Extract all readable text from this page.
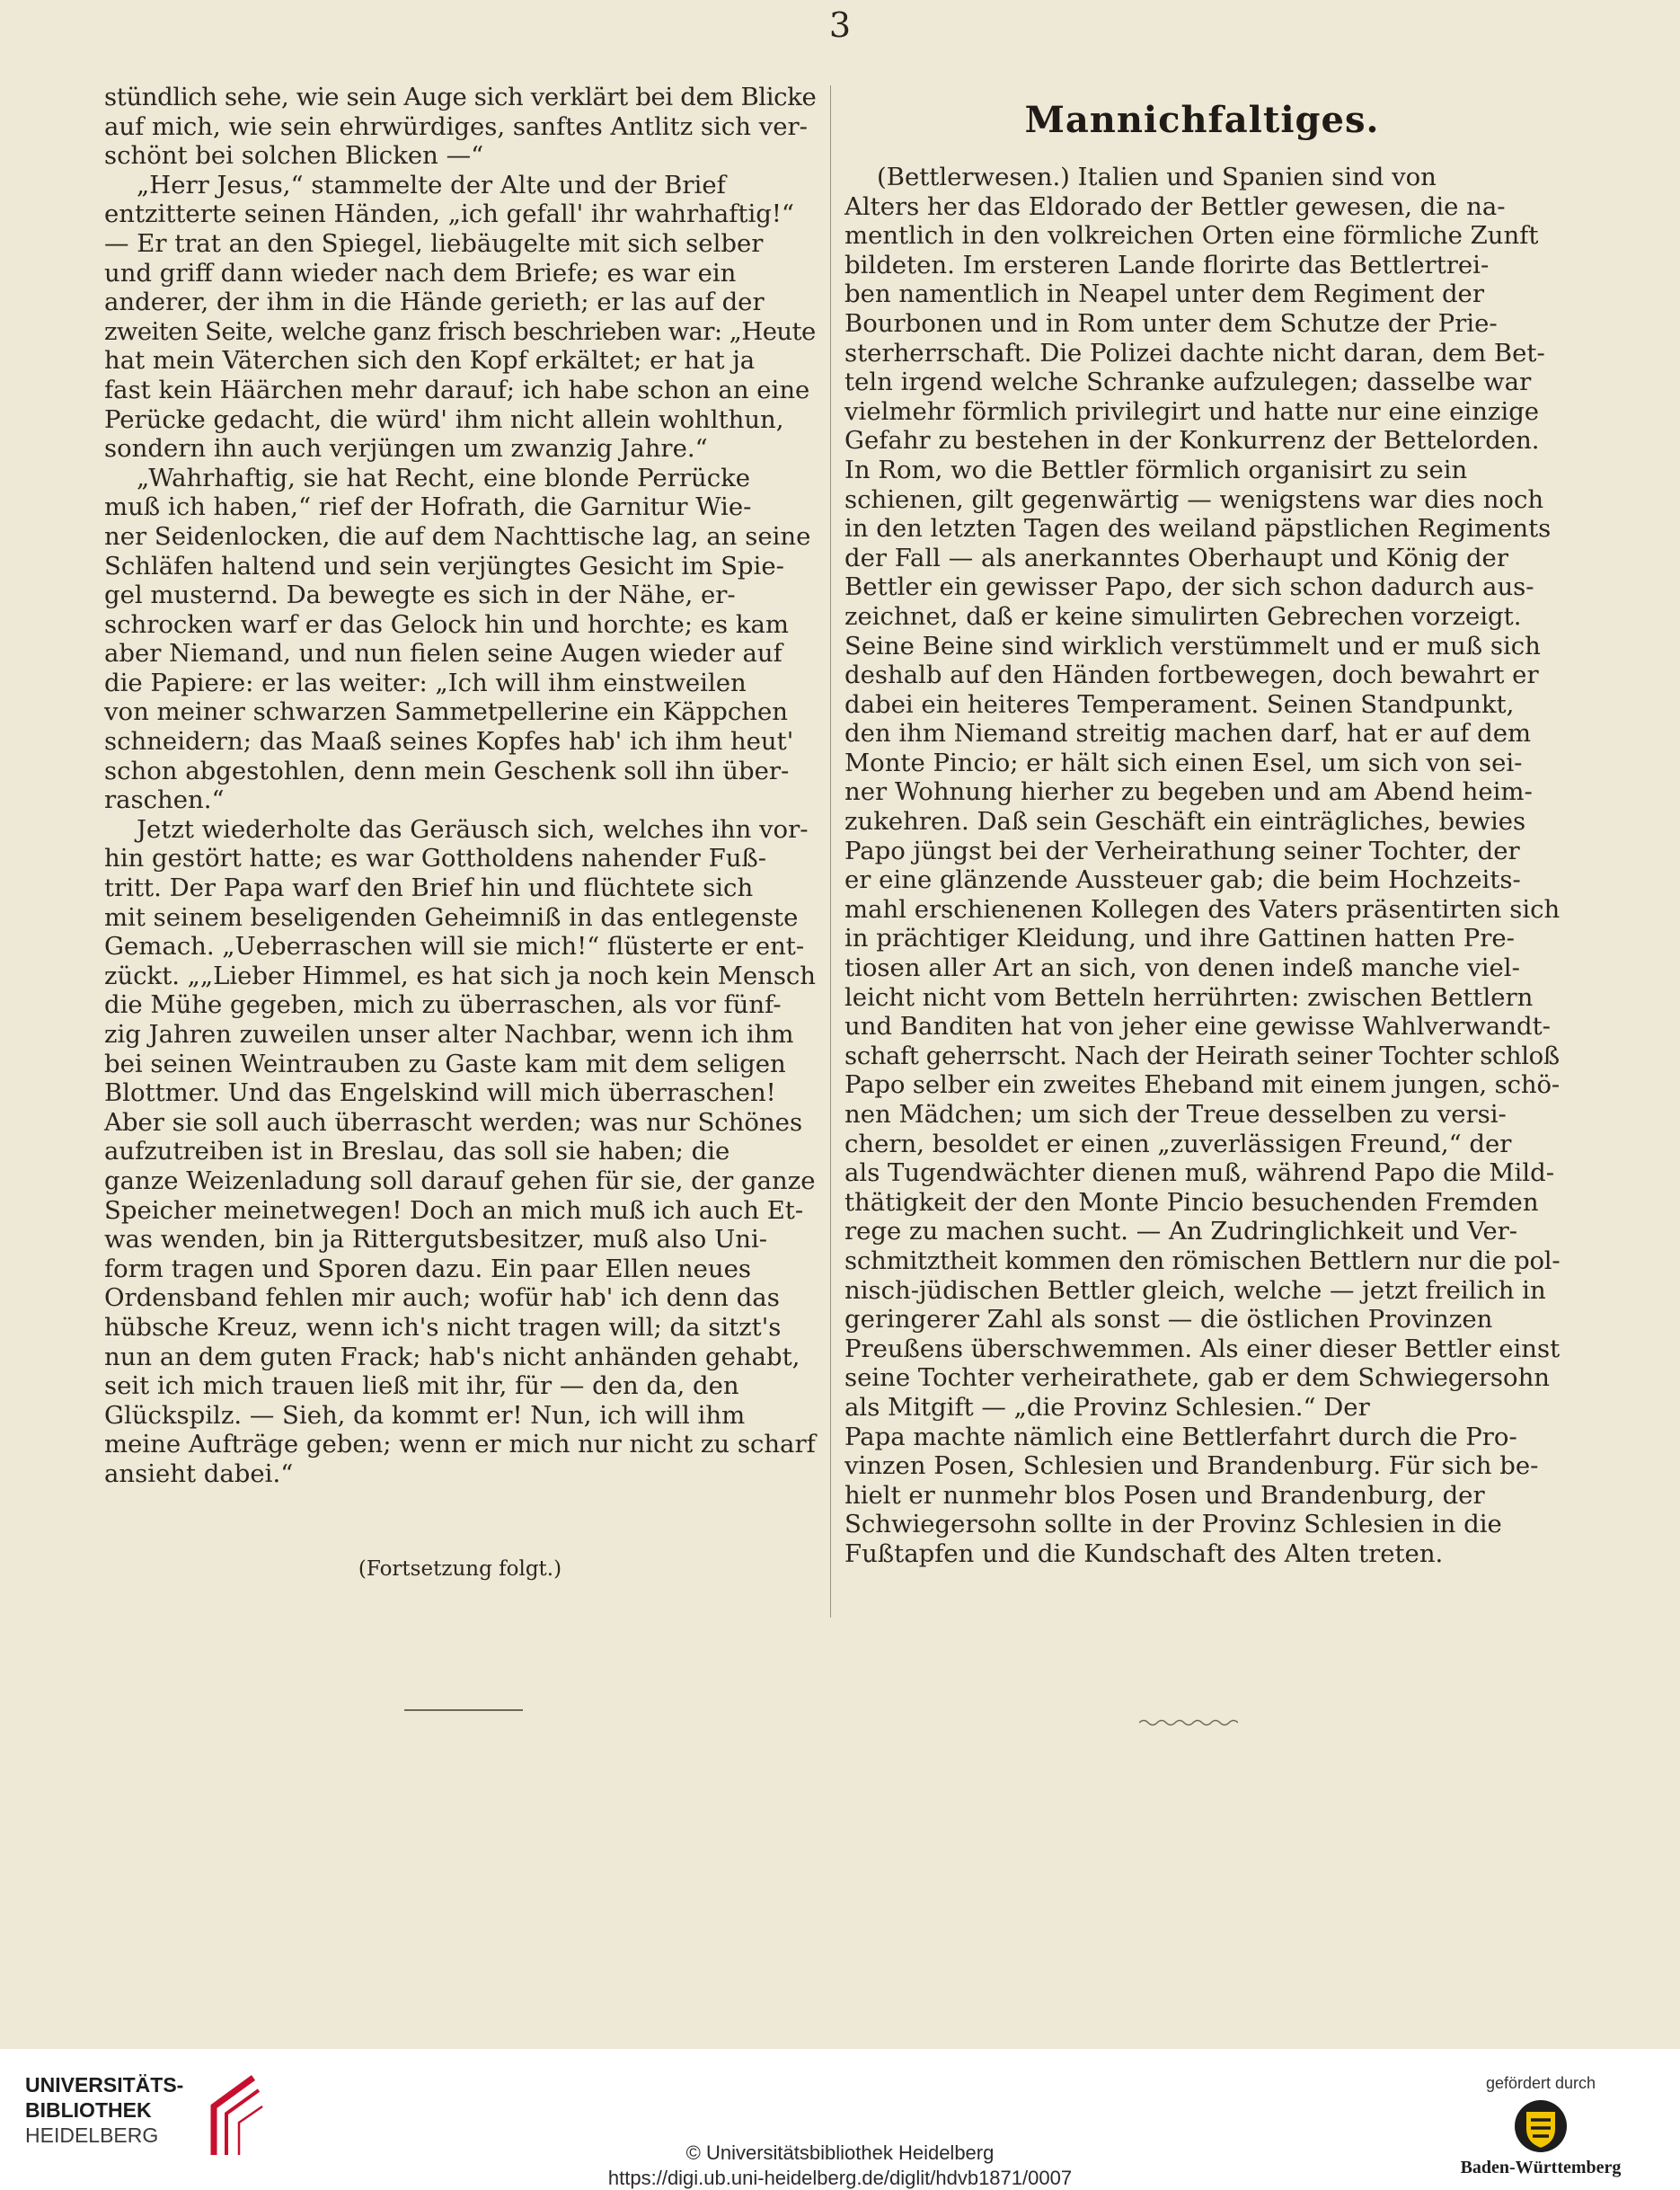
3

stündlich sehe, wie sein Auge sich verklärt bei dem Blicke

auf mich, wie sein ehrwürdiges, sanftes Antlitz sich ver-

schönt bei solchen Blicken —“

„Herr Jesus,“ stammelte der Alte und der Brief

entzitterte seinen Händen, „ich gefall' ihr wahrhaftig!“

— Er trat an den Spiegel, liebäugelte mit sich selber

und griff dann wieder nach dem Briefe; es war ein

anderer, der ihm in die Hände gerieth; er las auf der

zweiten Seite, welche ganz frisch beschrieben war: „Heute

hat mein Väterchen sich den Kopf erkältet; er hat ja

fast kein Häärchen mehr darauf; ich habe schon an eine

Perücke gedacht, die würd' ihm nicht allein wohlthun,

sondern ihn auch verjüngen um zwanzig Jahre.“

„Wahrhaftig, sie hat Recht, eine blonde Perrücke

muß ich haben,“ rief der Hofrath, die Garnitur Wie-

ner Seidenlocken, die auf dem Nachttische lag, an seine

Schläfen haltend und sein verjüngtes Gesicht im Spie-

gel musternd. Da bewegte es sich in der Nähe, er-

schrocken warf er das Gelock hin und horchte; es kam

aber Niemand, und nun fielen seine Augen wieder auf

die Papiere: er las weiter: „Ich will ihm einstweilen

von meiner schwarzen Sammetpellerine ein Käppchen

schneidern; das Maaß seines Kopfes hab' ich ihm heut'

schon abgestohlen, denn mein Geschenk soll ihn über-

raschen.“

Jetzt wiederholte das Geräusch sich, welches ihn vor-

hin gestört hatte; es war Gottholdens nahender Fuß-

tritt. Der Papa warf den Brief hin und flüchtete sich

mit seinem beseligenden Geheimniß in das entlegenste

Gemach. „Ueberraschen will sie mich!“ flüsterte er ent-

zückt. „„Lieber Himmel, es hat sich ja noch kein Mensch

die Mühe gegeben, mich zu überraschen, als vor fünf-

zig Jahren zuweilen unser alter Nachbar, wenn ich ihm

bei seinen Weintrauben zu Gaste kam mit dem seligen

Blottmer. Und das Engelskind will mich überraschen!

Aber sie soll auch überrascht werden; was nur Schönes

aufzutreiben ist in Breslau, das soll sie haben; die

ganze Weizenladung soll darauf gehen für sie, der ganze

Speicher meinetwegen! Doch an mich muß ich auch Et-

was wenden, bin ja Rittergutsbesitzer, muß also Uni-

form tragen und Sporen dazu. Ein paar Ellen neues

Ordensband fehlen mir auch; wofür hab' ich denn das

hübsche Kreuz, wenn ich's nicht tragen will; da sitzt's

nun an dem guten Frack; hab's nicht anhänden gehabt,

seit ich mich trauen ließ mit ihr, für — den da, den

Glückspilz. — Sieh, da kommt er! Nun, ich will ihm

meine Aufträge geben; wenn er mich nur nicht zu scharf

ansieht dabei.“

Mannichfaltiges.

(Bettlerwesen.) Italien und Spanien sind von

Alters her das Eldorado der Bettler gewesen, die na-

mentlich in den volkreichen Orten eine förmliche Zunft

bildeten. Im ersteren Lande florirte das Bettlertrei-

ben namentlich in Neapel unter dem Regiment der

Bourbonen und in Rom unter dem Schutze der Prie-

sterherrschaft. Die Polizei dachte nicht daran, dem Bet-

teln irgend welche Schranke aufzulegen; dasselbe war

vielmehr förmlich privilegirt und hatte nur eine einzige

Gefahr zu bestehen in der Konkurrenz der Bettelorden.

In Rom, wo die Bettler förmlich organisirt zu sein

schienen, gilt gegenwärtig — wenigstens war dies noch

in den letzten Tagen des weiland päpstlichen Regiments

der Fall — als anerkanntes Oberhaupt und König der

Bettler ein gewisser Papo, der sich schon dadurch aus-

zeichnet, daß er keine simulirten Gebrechen vorzeigt.

Seine Beine sind wirklich verstümmelt und er muß sich

deshalb auf den Händen fortbewegen, doch bewahrt er

dabei ein heiteres Temperament. Seinen Standpunkt,

den ihm Niemand streitig machen darf, hat er auf dem

Monte Pincio; er hält sich einen Esel, um sich von sei-

ner Wohnung hierher zu begeben und am Abend heim-

zukehren. Daß sein Geschäft ein einträgliches, bewies

Papo jüngst bei der Verheirathung seiner Tochter, der

er eine glänzende Aussteuer gab; die beim Hochzeits-

mahl erschienenen Kollegen des Vaters präsentirten sich

in prächtiger Kleidung, und ihre Gattinen hatten Pre-

tiosen aller Art an sich, von denen indeß manche viel-

leicht nicht vom Betteln herrührten: zwischen Bettlern

und Banditen hat von jeher eine gewisse Wahlverwandt-

schaft geherrscht. Nach der Heirath seiner Tochter schloß

Papo selber ein zweites Eheband mit einem jungen, schö-

nen Mädchen; um sich der Treue desselben zu versi-

chern, besoldet er einen „zuverlässigen Freund,“ der

als Tugendwächter dienen muß, während Papo die Mild-

thätigkeit der den Monte Pincio besuchenden Fremden

rege zu machen sucht. — An Zudringlichkeit und Ver-

schmitztheit kommen den römischen Bettlern nur die pol-

nisch-jüdischen Bettler gleich, welche — jetzt freilich in

geringerer Zahl als sonst — die östlichen Provinzen

Preußens überschwemmen. Als einer dieser Bettler einst

seine Tochter verheirathete, gab er dem Schwiegersohn

als Mitgift — „die Provinz Schlesien.“ Der

Papa machte nämlich eine Bettlerfahrt durch die Pro-

vinzen Posen, Schlesien und Brandenburg. Für sich be-

hielt er nunmehr blos Posen und Brandenburg, der

Schwiegersohn sollte in der Provinz Schlesien in die

Fußtapfen und die Kundschaft des Alten treten.

(Fortsetzung folgt.)
UNIVERSITÄTS-
BIBLIOTHEK
HEIDELBERG
© Universitätsbibliothek Heidelberg
https://digi.ub.uni-heidelberg.de/diglit/hdvb1871/0007
gefördert durch
Baden-Württemberg
